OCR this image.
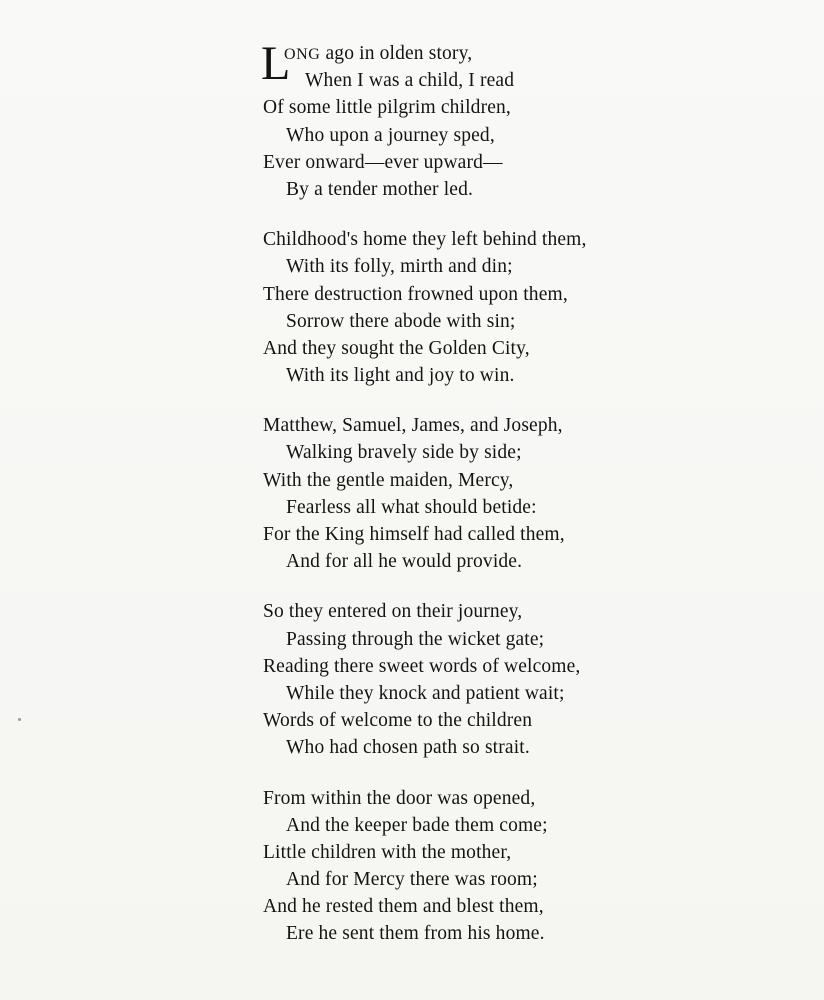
L
ONG ago in olden story,
When I was a child, I read
Of some little pilgrim children,
Who upon a journey sped,
Ever onward—ever upward—
By a tender mother led.
Childhood's home they left behind them,
With its folly, mirth and din;
There destruction frowned upon them,
Sorrow there abode with sin;
And they sought the Golden City,
With its light and joy to win.
Matthew, Samuel, James, and Joseph,
Walking bravely side by side;
With the gentle maiden, Mercy,
Fearless all what should betide:
For the King himself had called them,
And for all he would provide.
So they entered on their journey,
Passing through the wicket gate;
Reading there sweet words of welcome,
While they knock and patient wait;
Words of welcome to the children
Who had chosen path so strait.
From within the door was opened,
And the keeper bade them come;
Little children with the mother,
And for Mercy there was room;
And he rested them and blest them,
Ere he sent them from his home.
